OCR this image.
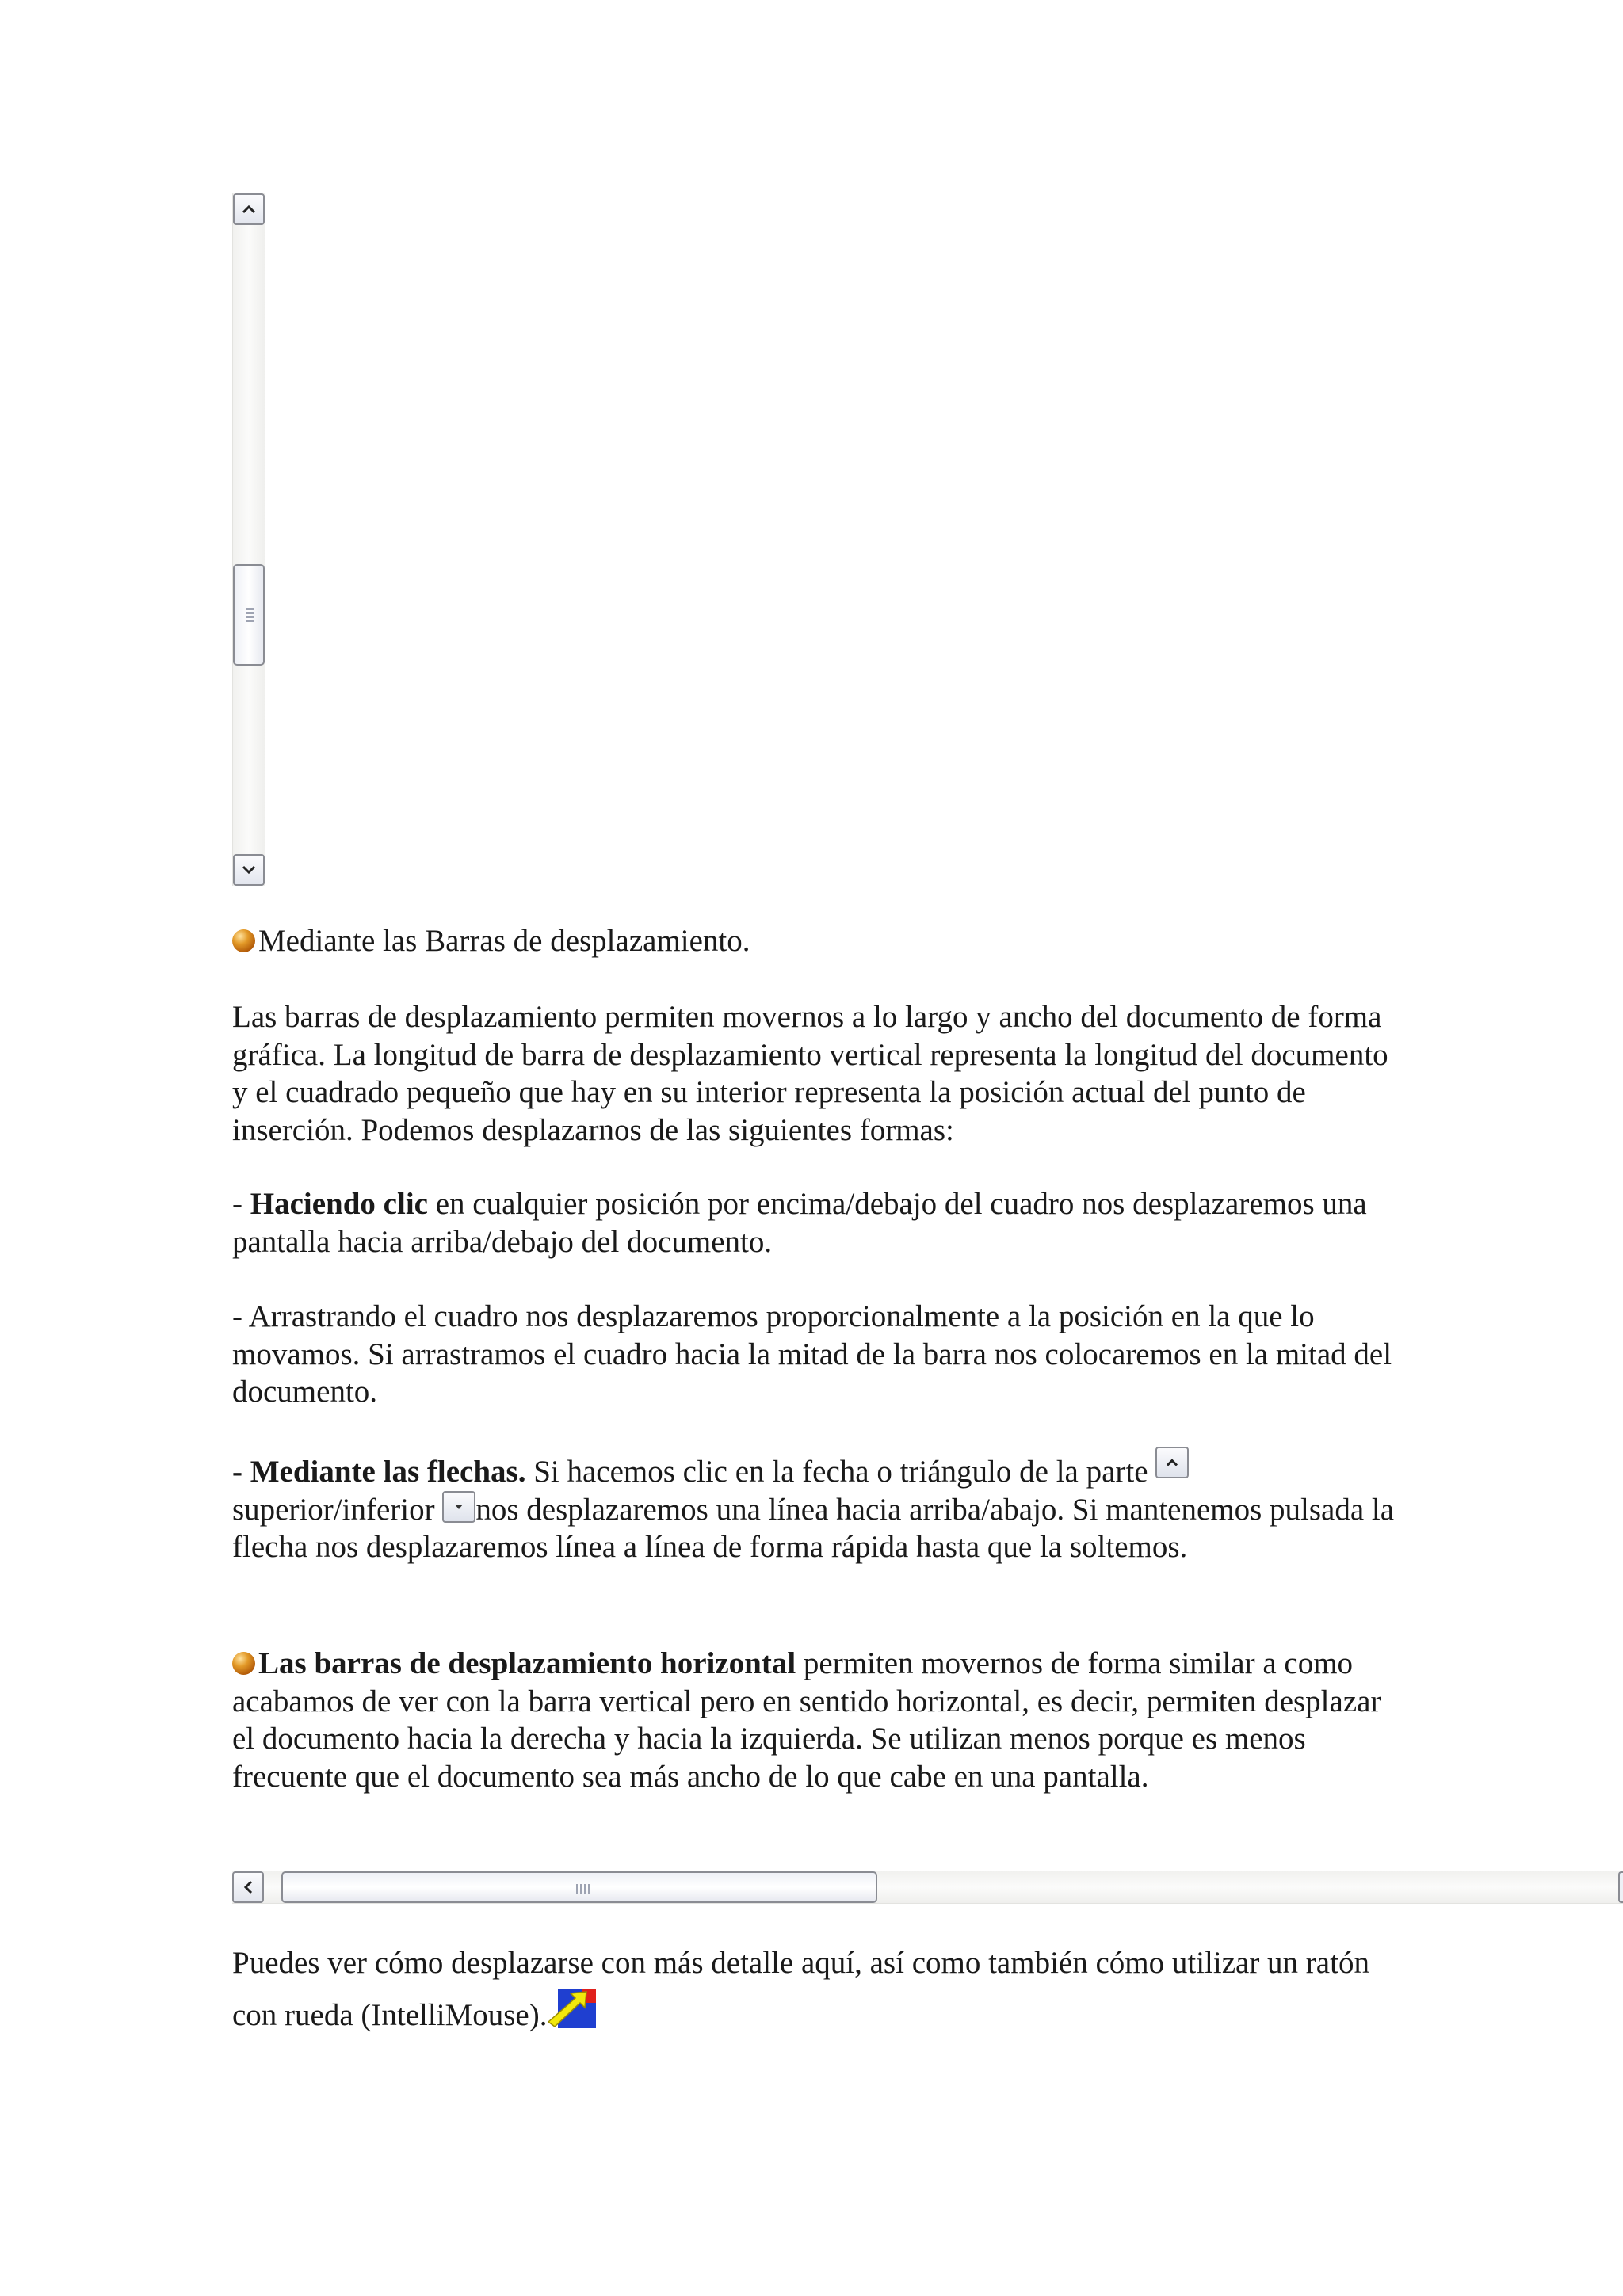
Mediante las Barras de desplazamiento.

Las barras de desplazamiento permiten movernos a lo largo y ancho del documento de forma gráfica. La longitud de barra de desplazamiento vertical representa la longitud del documento y el cuadrado pequeño que hay en su interior representa la posición actual del punto de inserción. Podemos desplazarnos de las siguientes formas:

- Haciendo clic en cualquier posición por encima/debajo del cuadro nos desplazaremos una pantalla hacia arriba/debajo del documento.

- Arrastrando el cuadro nos desplazaremos proporcionalmente a la posición en la que lo movamos. Si arrastramos el cuadro hacia la mitad de la barra nos colocaremos en la mitad del documento.

- Mediante las flechas. Si hacemos clic en la fecha o triángulo de la parte

superior/inferior
nos desplazaremos una línea hacia arriba/abajo. Si mantenemos pulsada la flecha nos desplazaremos línea a línea de forma rápida hasta que la soltemos.

Las barras de desplazamiento horizontal permiten movernos de forma similar a como acabamos de ver con la barra vertical pero en sentido horizontal, es decir, permiten desplazar el documento hacia la derecha y hacia la izquierda. Se utilizan menos porque es menos frecuente que el documento sea más ancho de lo que cabe en una pantalla.

Puedes ver cómo desplazarse con más detalle aquí, así como también cómo utilizar un ratón con rueda (IntelliMouse).
